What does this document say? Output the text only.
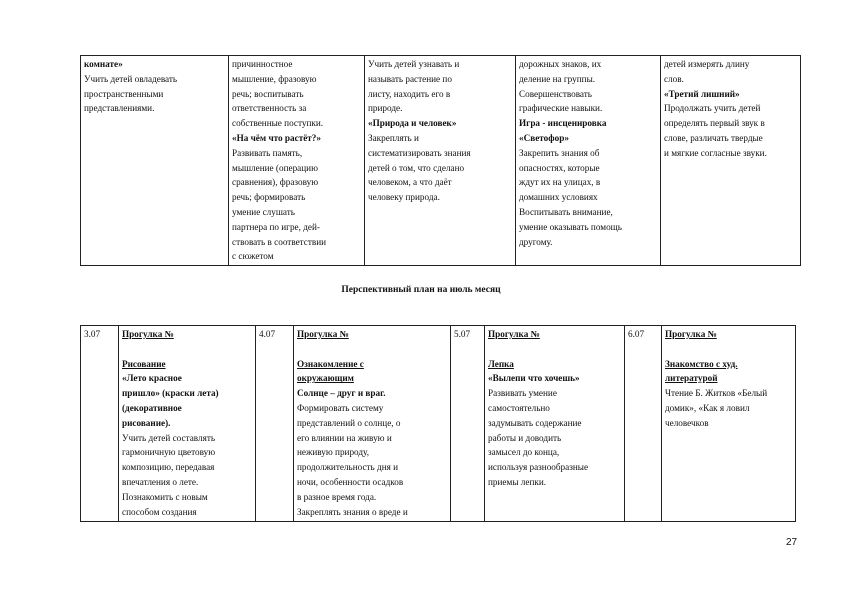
комнате»
Учить детей овладевать
пространственными
представлениями.

причинностное
мышление, фразовую
речь; воспитывать
ответственность за
собственные поступки.
«На чём что растёт?»
Развивать память,
мышление (операцию
сравнения), фразовую
речь; формировать
умение слушать
партнера по игре, дей-
ствовать в соответствии
с сюжетом

Учить детей узнавать и
называть растение по
листу, находить его в
природе.
«Природа и человек»
Закреплять и
систематизировать знания
детей о том, что сделано
человеком, а что даёт
человеку природа.

дорожных знаков, их
деление на группы.
Совершенствовать
графические навыки.
Игра - инсценировка
«Светофор»
Закрепить знания об
опасностях, которые
ждут их на улицах, в
домашних условиях
Воспитывать внимание,
умение оказывать помощь
другому.

детей измерять длину
слов.
«Третий лишний»
Продолжать учить детей
определять первый звук в
слове, различать твердые
и мягкие согласные звуки.
Перспективный план на июль месяц
3.07	Прогулка №
Рисование
«Лето красное
пришло» (краски лета)
(декоративное
рисование).
Учить детей составлять
гармоничную цветовую
композицию, передавая
впечатления о лете.
Познакомить с новым
способом создания

4.07	Прогулка №
Ознакомление с
окружающим
Солнце – друг и враг.
Формировать систему
представлений о солнце, о
его влиянии на живую и
неживую природу,
продолжительность дня и
ночи, особенности осадков
в разное время года.
Закреплять знания о вреде и

5.07	Прогулка №
Лепка
«Вылепи что хочешь»
Развивать умение
самостоятельно
задумывать содержание
работы и доводить
замысел до конца,
используя разнообразные
приемы лепки.

6.07	Прогулка №
Знакомство с худ.
литературой
Чтение Б. Житков «Белый
домик», «Как я ловил
человечков
27
